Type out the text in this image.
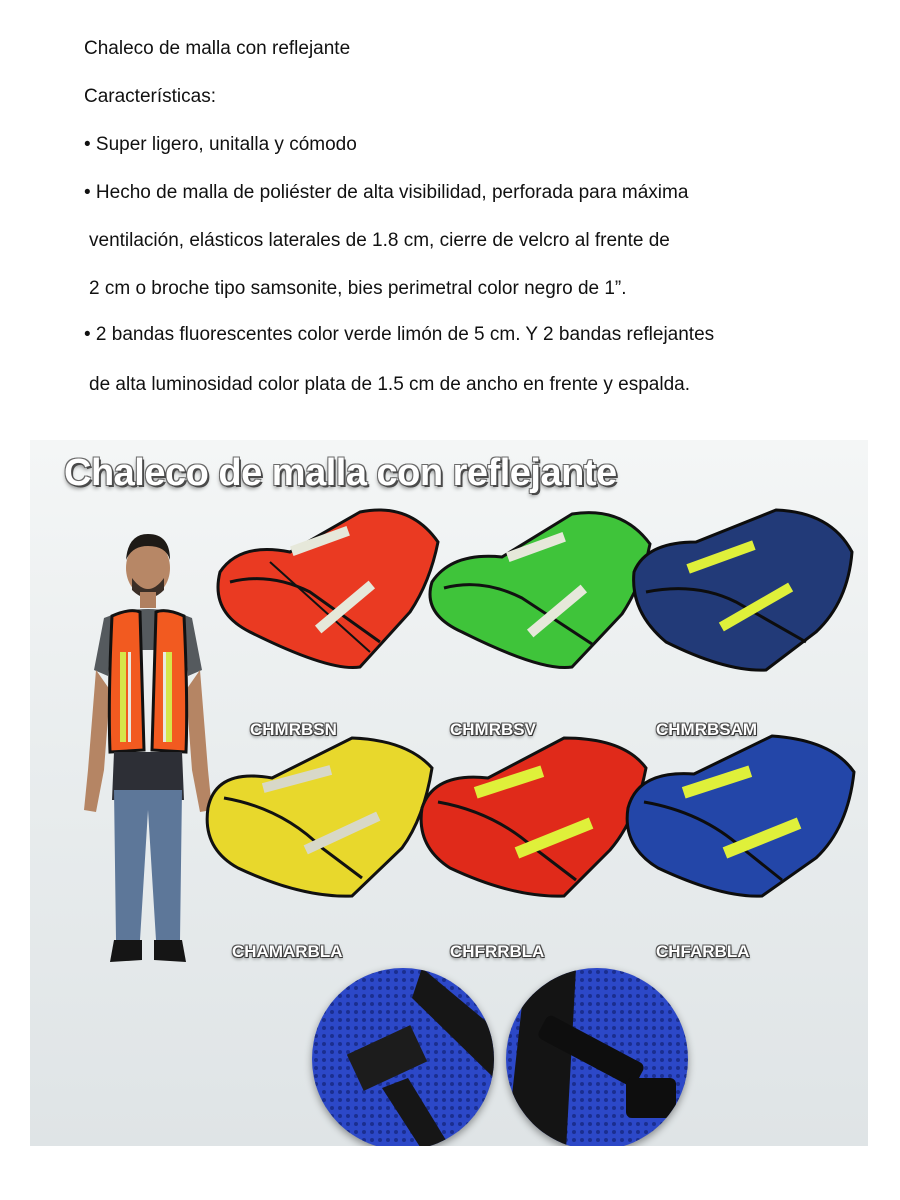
Chaleco de malla con reflejante
Características:
• Super ligero, unitalla y cómodo
• Hecho de malla de poliéster de alta visibilidad, perforada para máxima
ventilación, elásticos laterales de 1.8 cm, cierre de velcro al frente de
2 cm o broche tipo samsonite, bies perimetral color negro de 1”.
• 2 bandas fluorescentes color verde limón de 5 cm. Y 2 bandas reflejantes
de alta luminosidad color plata de 1.5 cm de ancho en frente y espalda.
Chaleco de malla con reflejante
CHMRBSN	CHMRBSV	CHMRBSAM
CHAMARBLA	CHFRRBLA	CHFARBLA
